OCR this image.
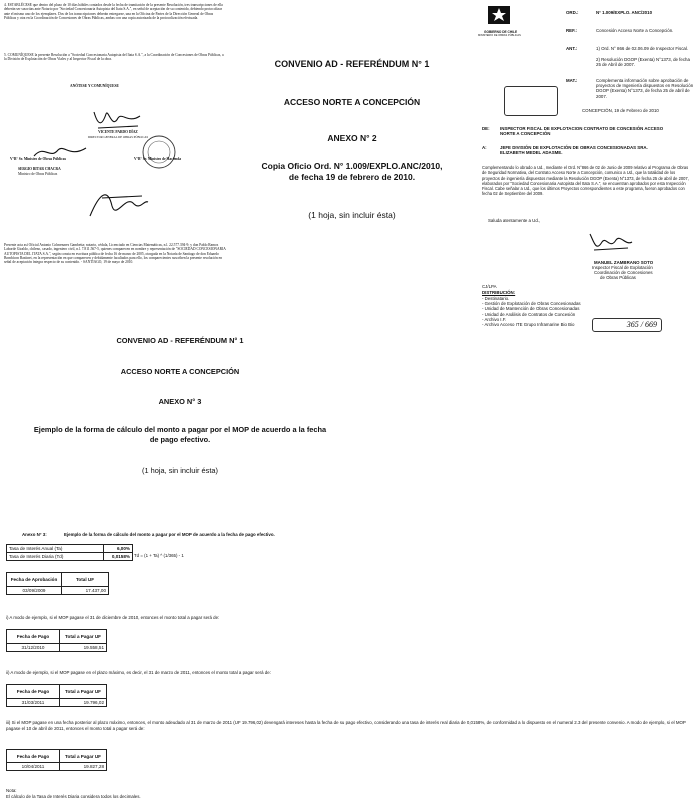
4. ESTABLÉCESE que dentro del plazo de 10 días hábiles contados desde la fecha de tramitación de la presente Resolución, tres transcripciones de ella deberán ser suscritas ante Notario por "Sociedad Concesionaria Autopista del Itata S.A.", en señal de aceptación de su contenido, debiendo protocolizar ante el mismo uno de los ejemplares. Dos de los transcripciones deberán entregarse, una en la Oficina de Partes de la Dirección General de Obras Públicas y otra en la Coordinación de Concesiones de Obras Públicas, ambas con una copia autorizada de la protocolización efectuada.
5. COMUNÍQUESE la presente Resolución a "Sociedad Concesionaria Autopista del Itata S.A.", a la Coordinación de Concesiones de Obras Públicas, a la División de Explotación de Obras Viales y al Inspector Fiscal de la obra.
ANÓTESE Y COMUNÍQUESE
VICENTE PARDO DÍAZ
DIRECTOR GENERAL DE OBRAS PÚBLICAS
V°B° Sr. Ministro de Obras Públicas
SERGIO BITAR CHACRA
Ministro de Obras Públicas
V°B° Sr. Ministro de Hacienda
Presente acta así Oficial Antonio Colmenares Gambetta; notario, cédula, Licenciado en Ciencias Matemáticas, n.l. 22.577.394-9; y don Pablo Ramos Laborde Giraldo, chileno, casado, ingeniero civil, n.l. 7.811.567-5, quienes comparecen en nombre y representación de "SOCIEDAD CONCESIONARIA AUTOPISTA DEL ITATA S.A.", según consta en escritura pública de fecha 16 de marzo de 2005, otorgada en la Notaría de Santiago de don Eduardo Bombícon Bastinet, en la representación en que comparecen y debidamente facultados para ello, los comparecientes suscriben la presente resolución en señal de aceptación íntegra respecto de su contenido. - SANTIAGO, 19 de mayo de 2010.
CONVENIO AD - REFERÉNDUM N° 1
ACCESO NORTE A CONCEPCIÓN
ANEXO N° 2
Copia Oficio Ord. N° 1.009/EXPLO.ANC/2010,
de fecha 19 de febrero de 2010.
(1 hoja, sin incluir ésta)
GOBIERNO DE CHILE
MINISTERIO DE OBRAS PÚBLICAS
ORD.:	N° 1.009/EXPLO. ANC/2010
REF.:	Concesión Acceso Norte a Concepción.
ANT.:	1) Ord. N° 866 de 02.06.09 de Inspector Fiscal.
2) Resolución DGOP (Exenta) N°1373, de fecha 25 de Abril de 2007.
MAT.:	Complementa información sobre aprobación de proyectos de Ingeniería dispuestos en Resolución DGOP (Exenta) N°1373, de fecha 25 de abril de 2007.
CONCEPCIÓN, 19 de Febrero de 2010
DE: INSPECTOR FISCAL DE EXPLOTACION CONTRATO DE CONCESIÓN ACCESO NORTE A CONCEPCIÓN
A:	JEFE DIVISIÓN DE EXPLOTACIÓN DE OBRAS CONCESIONADAS SRA. ELIZABETH MEDEL ADASME.
Complementando lo obrado a Ud., mediante el Ord. N°866 de 02 de Junio de 2009 relativo al Programa de Obras de Seguridad Normativa, del Contrato Acceso Norte a Concepción, comunico a Ud., que la totalidad de los proyectos de ingeniería dispuestos mediante la Resolución DGOP (Exenta) N°1373, de fecha 25 de abril de 2007, elaborados por "Sociedad Concesionaria Autopista del Itata S.A.", se encuentran aprobados por esta Inspección Fiscal. Cabe señalar a Ud., que los últimos Proyectos correspondientes a este programa, fueron aprobados con fecha 02 de Septiembre del 2009.
Saluda atentamente a Ud.,
MANUEL ZAMBRANO SOTO
Inspector Fiscal de Explotación
Coordinación de Concesiones
de Obras Públicas
CJ/LPA
DISTRIBUCIÓN:
- Destinatario.
- Gestión de Explotación de Obras Concesionadas
- Unidad de Mantención de Obras Concesionadas
- Unidad de Análisis de Contratos de Concesión
- Archivo I.F.
- Archivo Acceso ITE Grupo Inframarine Bio Bio	365 / 669
CONVENIO AD - REFERÉNDUM N° 1
ACCESO NORTE A CONCEPCIÓN
ANEXO N° 3
Ejemplo de la forma de cálculo del monto a pagar por el MOP de acuerdo a la fecha
de pago efectivo.
(1 hoja, sin incluir ésta)
Anexo N° 3:	Ejemplo de la forma de cálculo del monto a pagar por el MOP de acuerdo a la fecha de pago efectivo.
Tasa de Interés Anual (Ta)	6,00%
Tasa de Interés Diaria (Td)	0,0158% Td = (1 + Ta) ^ (1/365) - 1
Fecha de Aprobación	Total UF
03/09/2009	17.437,00
i) A modo de ejemplo, si el MOP pagase el 31 de diciembre de 2010, entonces el monto total a pagar será de:
Fecha de Pago	Total a Pagar UF
31/12/2010	19.558,51
ii) A modo de ejemplo, si el MOP pagase en el plazo máximo, es decir, el 31 de marzo de 2011, entonces el monto total a pagar será de:
Fecha de Pago	Total a Pagar UF
31/03/2011	19.796,02
iii) Si el MOP pagase en una fecha posterior al plazo máximo, entonces, el monto adeudado al 31 de marzo de 2011 (UF 19.796,02) devengará intereses hasta la fecha de su pago efectivo, considerando una tasa de interés real diaria de 0,0158%, de conformidad a lo dispuesto en el numeral 2.3 del presente convenio. A modo de ejemplo, si el MOP pagase el 10 de abril de 2011, entonces el monto total a pagar será de:
Fecha de Pago	Total a Pagar UF
10/04/2011	19.827,28
Nota:
El cálculo de la Tasa de Interés Diaria considera todos los decimales.
